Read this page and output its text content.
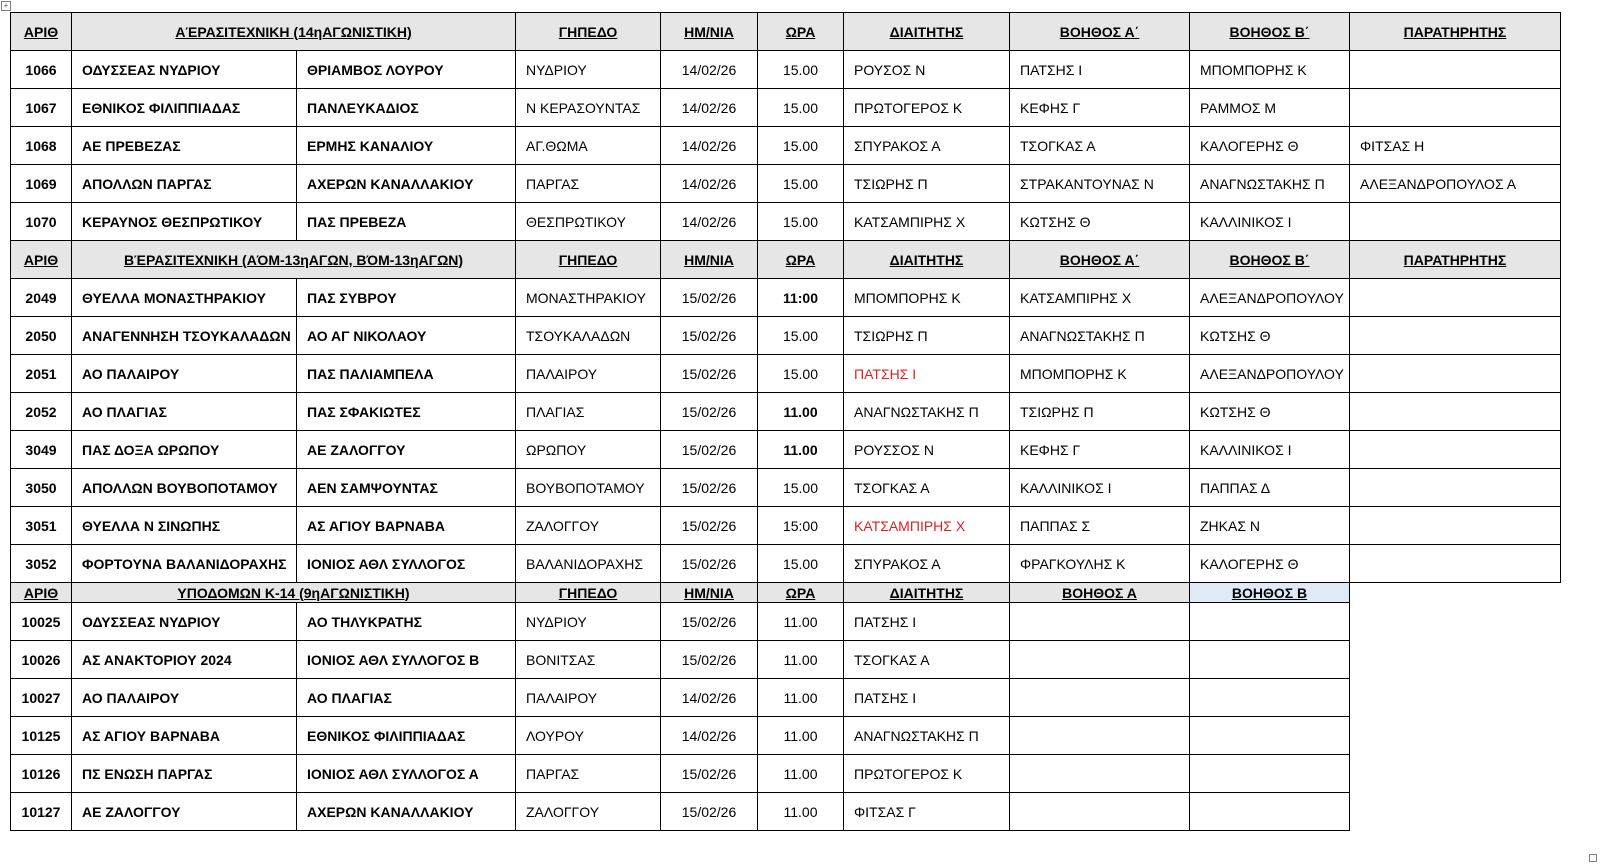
+
ΑΡΙΘ	ΑΈΡΑΣΙΤΕΧΝΙΚΗ (14ηΑΓΩΝΙΣΤΙΚΗ)		ΓΗΠΕΔΟ	ΗΜ/ΝΙΑ	ΩΡΑ	ΔΙΑΙΤΗΤΗΣ	ΒΟΗΘΟΣ Α΄	ΒΟΗΘΟΣ Β΄	ΠΑΡΑΤΗΡΗΤΗΣ
1066	ΟΔΥΣΣΕΑΣ ΝΥΔΡΙΟΥ	ΘΡΙΑΜΒΟΣ ΛΟΥΡΟΥ	ΝΥΔΡΙΟΥ	14/02/26	15.00	ΡΟΥΣΟΣ Ν	ΠΑΤΣΗΣ Ι	ΜΠΟΜΠΟΡΗΣ Κ	
1067	ΕΘΝΙΚΟΣ ΦΙΛΙΠΠΙΑΔΑΣ	ΠΑΝΛΕΥΚΑΔΙΟΣ	Ν ΚΕΡΑΣΟΥΝΤΑΣ	14/02/26	15.00	ΠΡΩΤΟΓΕΡΟΣ Κ	ΚΕΦΗΣ Γ	ΡΑΜΜΟΣ Μ	
1068	ΑΕ ΠΡΕΒΕΖΑΣ	ΕΡΜΗΣ ΚΑΝΑΛΙΟΥ	ΑΓ.ΘΩΜΑ	14/02/26	15.00	ΣΠΥΡΑΚΟΣ Α	ΤΣΟΓΚΑΣ Α	ΚΑΛΟΓΕΡΗΣ Θ	ΦΙΤΣΑΣ Η
1069	ΑΠΟΛΛΩΝ ΠΑΡΓΑΣ	ΑΧΕΡΩΝ ΚΑΝΑΛΛΑΚΙΟΥ	ΠΑΡΓΑΣ	14/02/26	15.00	ΤΣΙΩΡΗΣ Π	ΣΤΡΑΚΑΝΤΟΥΝΑΣ Ν	ΑΝΑΓΝΩΣΤΑΚΗΣ Π	ΑΛΕΞΑΝΔΡΟΠΟΥΛΟΣ Α
1070	ΚΕΡΑΥΝΟΣ ΘΕΣΠΡΩΤΙΚΟΥ	ΠΑΣ ΠΡΕΒΕΖΑ	ΘΕΣΠΡΩΤΙΚΟΥ	14/02/26	15.00	ΚΑΤΣΑΜΠΙΡΗΣ Χ	ΚΩΤΣΗΣ Θ	ΚΑΛΛΙΝΙΚΟΣ Ι	
ΑΡΙΘ	ΒΈΡΑΣΙΤΕΧΝΙΚΗ (ΑΌΜ-13ηΑΓΩΝ, ΒΌΜ-13ηΑΓΩΝ)		ΓΗΠΕΔΟ	ΗΜ/ΝΙΑ	ΩΡΑ	ΔΙΑΙΤΗΤΗΣ	ΒΟΗΘΟΣ Α΄	ΒΟΗΘΟΣ Β΄	ΠΑΡΑΤΗΡΗΤΗΣ
2049	ΘΥΕΛΛΑ ΜΟΝΑΣΤΗΡΑΚΙΟΥ	ΠΑΣ ΣΥΒΡΟΥ	ΜΟΝΑΣΤΗΡΑΚΙΟΥ	15/02/26	11:00	ΜΠΟΜΠΟΡΗΣ Κ	ΚΑΤΣΑΜΠΙΡΗΣ Χ	ΑΛΕΞΑΝΔΡΟΠΟΥΛΟΥ	
2050	ΑΝΑΓΕΝΝΗΣΗ ΤΣΟΥΚΑΛΑΔΩΝ	ΑΟ ΑΓ ΝΙΚΟΛΑΟΥ	ΤΣΟΥΚΑΛΑΔΩΝ	15/02/26	15.00	ΤΣΙΩΡΗΣ Π	ΑΝΑΓΝΩΣΤΑΚΗΣ Π	ΚΩΤΣΗΣ Θ	
2051	ΑΟ ΠΑΛΑΙΡΟΥ	ΠΑΣ ΠΑΛΙΑΜΠΕΛΑ	ΠΑΛΑΙΡΟΥ	15/02/26	15.00	ΠΑΤΣΗΣ Ι	ΜΠΟΜΠΟΡΗΣ Κ	ΑΛΕΞΑΝΔΡΟΠΟΥΛΟΥ	
2052	ΑΟ ΠΛΑΓΙΑΣ	ΠΑΣ ΣΦΑΚΙΩΤΕΣ	ΠΛΑΓΙΑΣ	15/02/26	11.00	ΑΝΑΓΝΩΣΤΑΚΗΣ Π	ΤΣΙΩΡΗΣ Π	ΚΩΤΣΗΣ Θ	
3049	ΠΑΣ ΔΟΞΑ ΩΡΩΠΟΥ	ΑΕ ΖΑΛΟΓΓΟΥ	ΩΡΩΠΟΥ	15/02/26	11.00	ΡΟΥΣΣΟΣ Ν	ΚΕΦΗΣ Γ	ΚΑΛΛΙΝΙΚΟΣ Ι	
3050	ΑΠΟΛΛΩΝ ΒΟΥΒΟΠΟΤΑΜΟΥ	ΑΕΝ ΣΑΜΨΟΥΝΤΑΣ	ΒΟΥΒΟΠΟΤΑΜΟΥ	15/02/26	15.00	ΤΣΟΓΚΑΣ Α	ΚΑΛΛΙΝΙΚΟΣ Ι	ΠΑΠΠΑΣ Δ	
3051	ΘΥΕΛΛΑ Ν ΣΙΝΩΠΗΣ	ΑΣ ΑΓΙΟΥ ΒΑΡΝΑΒΑ	ΖΑΛΟΓΓΟΥ	15/02/26	15:00	ΚΑΤΣΑΜΠΙΡΗΣ Χ	ΠΑΠΠΑΣ Σ	ΖΗΚΑΣ Ν	
3052	ΦΟΡΤΟΥΝΑ ΒΑΛΑΝΙΔΟΡΑΧΗΣ	ΙΟΝΙΟΣ ΑΘΛ ΣΥΛΛΟΓΟΣ	ΒΑΛΑΝΙΔΟΡΑΧΗΣ	15/02/26	15.00	ΣΠΥΡΑΚΟΣ Α	ΦΡΑΓΚΟΥΛΗΣ Κ	ΚΑΛΟΓΕΡΗΣ Θ	
ΑΡΙΘ	ΥΠΟΔΟΜΩΝ Κ-14 (9ηΑΓΩΝΙΣΤΙΚΗ)		ΓΗΠΕΔΟ	ΗΜ/ΝΙΑ	ΩΡΑ	ΔΙΑΙΤΗΤΗΣ	ΒΟΗΘΟΣ Α	ΒΟΗΘΟΣ Β	
10025	ΟΔΥΣΣΕΑΣ ΝΥΔΡΙΟΥ	ΑΟ ΤΗΛΥΚΡΑΤΗΣ	ΝΥΔΡΙΟΥ	15/02/26	11.00	ΠΑΤΣΗΣ Ι			
10026	ΑΣ ΑΝΑΚΤΟΡΙΟΥ 2024	ΙΟΝΙΟΣ ΑΘΛ ΣΥΛΛΟΓΟΣ Β	ΒΟΝΙΤΣΑΣ	15/02/26	11.00	ΤΣΟΓΚΑΣ Α			
10027	ΑΟ ΠΑΛΑΙΡΟΥ	ΑΟ ΠΛΑΓΙΑΣ	ΠΑΛΑΙΡΟΥ	14/02/26	11.00	ΠΑΤΣΗΣ Ι			
10125	ΑΣ ΑΓΙΟΥ ΒΑΡΝΑΒΑ	ΕΘΝΙΚΟΣ ΦΙΛΙΠΠΙΑΔΑΣ	ΛΟΥΡΟΥ	14/02/26	11.00	ΑΝΑΓΝΩΣΤΑΚΗΣ Π			
10126	ΠΣ ΕΝΩΣΗ ΠΑΡΓΑΣ	ΙΟΝΙΟΣ ΑΘΛ ΣΥΛΛΟΓΟΣ Α	ΠΑΡΓΑΣ	15/02/26	11.00	ΠΡΩΤΟΓΕΡΟΣ Κ			
10127	ΑΕ ΖΑΛΟΓΓΟΥ	ΑΧΕΡΩΝ ΚΑΝΑΛΛΑΚΙΟΥ	ΖΑΛΟΓΓΟΥ	15/02/26	11.00	ΦΙΤΣΑΣ Γ			
